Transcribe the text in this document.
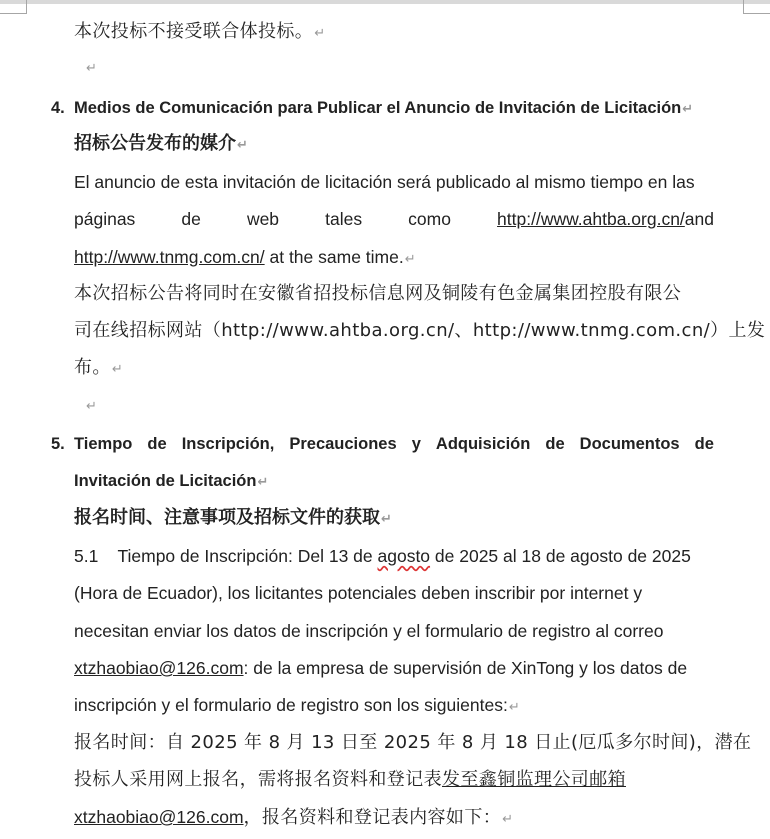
本次投标不接受联合体投标。↵
↵
4. Medios de Comunicación para Publicar el Anuncio de Invitación de Licitación↵
招标公告发布的媒介↵
El anuncio de esta invitación de licitación será publicado al mismo tiempo en las
páginas	de	web	tales	como	http://www.ahtba.org.cn/and
http://www.tnmg.com.cn/ at the same time.↵
本次招标公告将同时在安徽省招投标信息网及铜陵有色金属集团控股有限公
司在线招标网站（http://www.ahtba.org.cn/、http://www.tnmg.com.cn/）上发
布。↵
↵
5. Tiempo de Inscripción, Precauciones y Adquisición de Documentos de
Invitación de Licitación↵
报名时间、注意事项及招标文件的获取↵
5.1    Tiempo de Inscripción: Del 13 de agosto de 2025 al 18 de agosto de 2025
(Hora de Ecuador), los licitantes potenciales deben inscribir por internet y
necesitan enviar los datos de inscripción y el formulario de registro al correo
xtzhaobiao@126.com: de la empresa de supervisión de XinTong y los datos de
inscripción y el formulario de registro son los siguientes:↵
报名时间：自 2025 年 8 月 13 日至 2025 年 8 月 18 日止(厄瓜多尔时间)，潜在
投标人采用网上报名，需将报名资料和登记表发至鑫铜监理公司邮箱
xtzhaobiao@126.com，报名资料和登记表内容如下：↵
